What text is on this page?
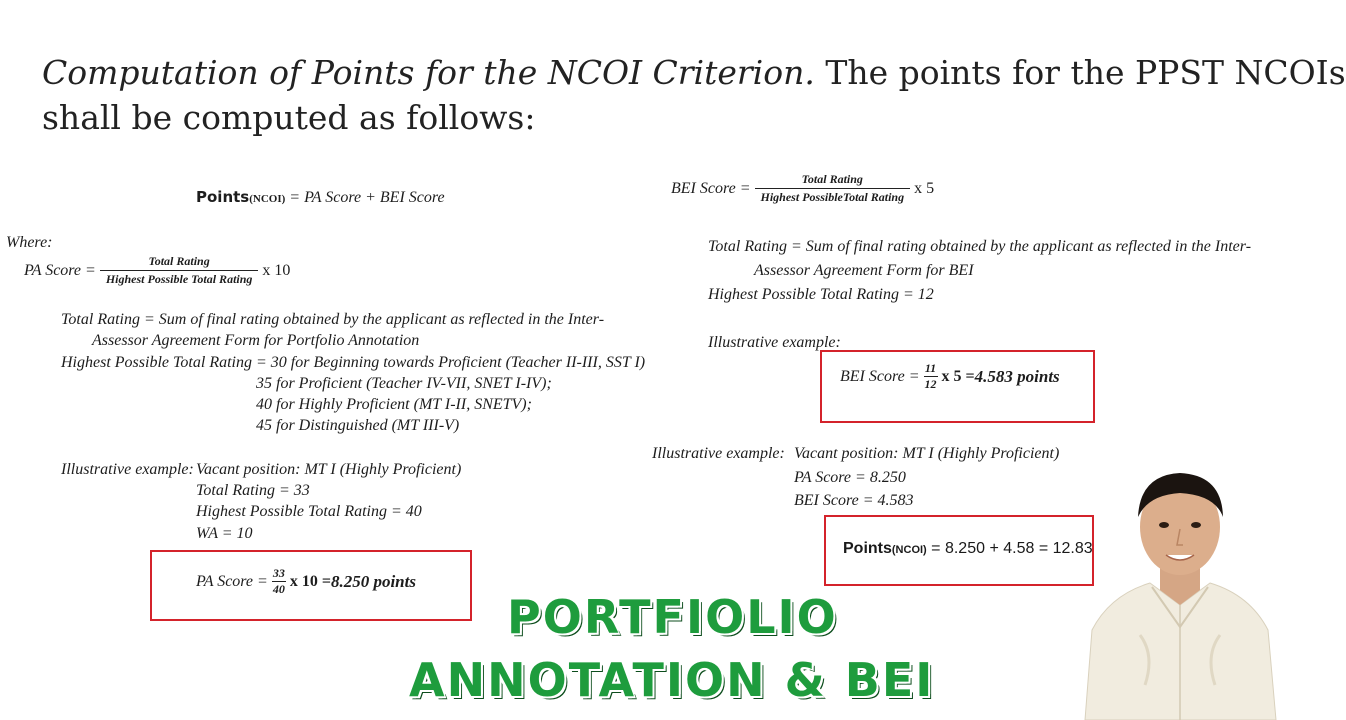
Computation of Points for the NCOI Criterion. The points for the PPST NCOIs
shall be computed as follows:
Points(NCOI) = PA Score + BEI Score
Where:
PA Score = $\frac{\text{Total Rating}}{\text{Highest Possible Total Rating}}$ x 10
Total Rating = Sum of final rating obtained by the applicant as reflected in the Inter-
Assessor Agreement Form for Portfolio Annotation
Highest Possible Total Rating = 30 for Beginning towards Proficient (Teacher II-III, SST I)
35 for Proficient (Teacher IV-VII, SNET I-IV);
40 for Highly Proficient (MT I-II, SNETV);
45 for Distinguished (MT III-V)
Illustrative example: Vacant position: MT I (Highly Proficient)
Total Rating = 33
Highest Possible Total Rating = 40
WA = 10
PA Score = $\frac{33}{40}$ x 10 = 8.250 points
BEI Score = $\frac{\text{Total Rating}}{\text{Highest PossibleTotal Rating}}$ x 5
Total Rating = Sum of final rating obtained by the applicant as reflected in the Inter-
Assessor Agreement Form for BEI
Highest Possible Total Rating = 12
Illustrative example:
BEI Score = $\frac{11}{12}$ x 5 = 4.583 points
Illustrative example: Vacant position: MT I (Highly Proficient)
PA Score = 8.250
BEI Score = 4.583
Points(NCOI) = 8.250 + 4.58 = 12.83
PORTFIOLIO
ANNOTATION & BEI
